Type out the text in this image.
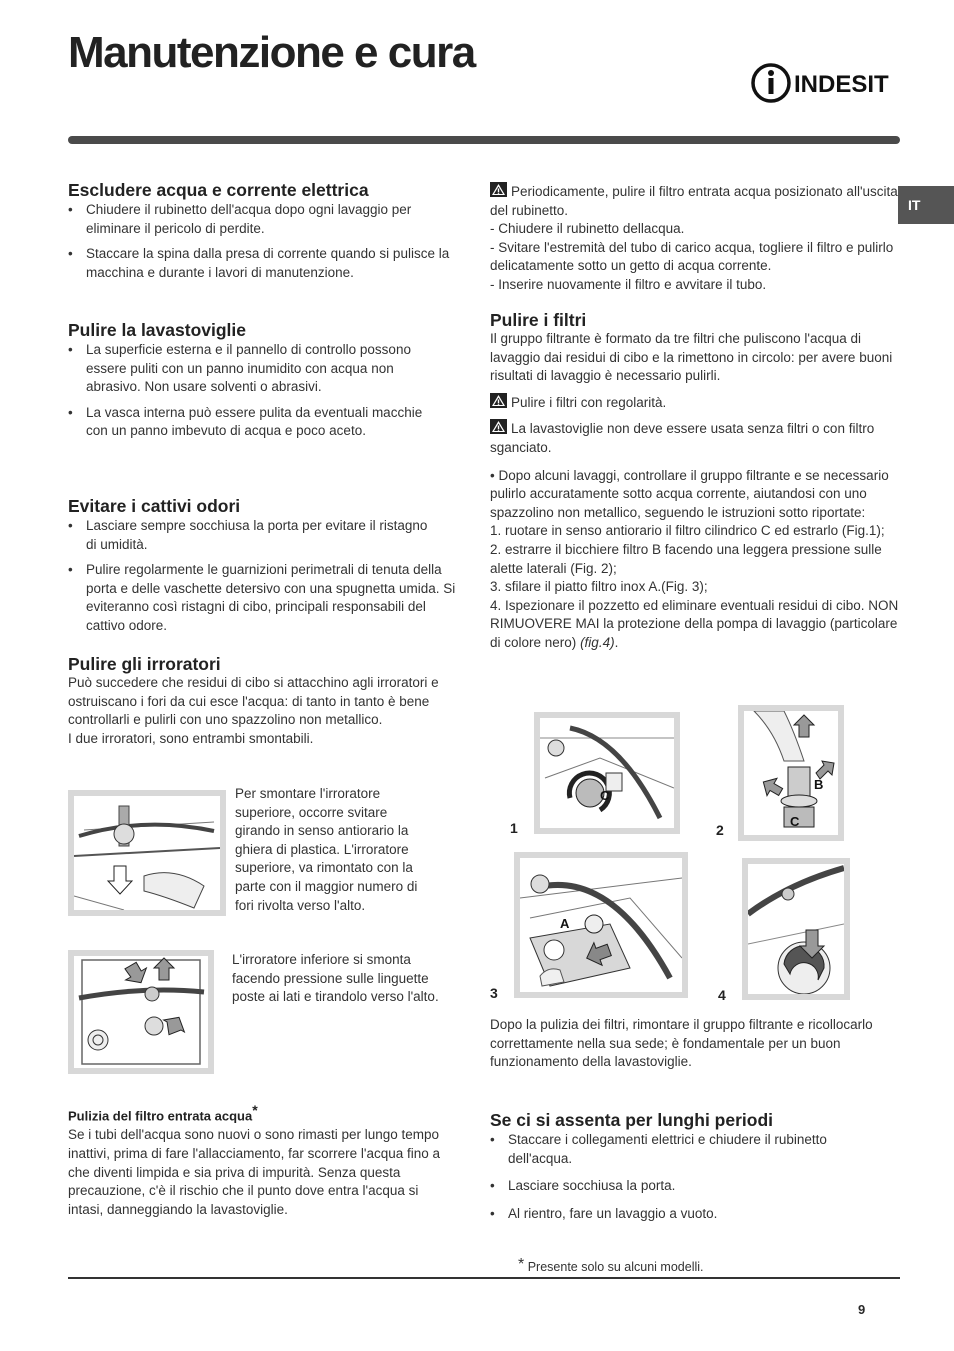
Manutenzione e cura
INDESIT
IT
Escludere acqua e corrente elettrica
• Chiudere il rubinetto dell'acqua dopo ogni lavaggio per eliminare il pericolo di perdite.
• Staccare la spina dalla presa di corrente quando si pulisce la macchina e durante i lavori di manutenzione.
Pulire la lavastoviglie
• La superficie esterna e il pannello di controllo possono essere puliti con un panno inumidito con acqua non abrasivo. Non usare solventi o abrasivi.
• La vasca interna può essere pulita da eventuali macchie con un panno imbevuto di acqua e poco aceto.
Evitare i cattivi odori
• Lasciare sempre socchiusa la porta per evitare il ristagno di umidità.
• Pulire regolarmente le guarnizioni perimetrali di tenuta della porta e delle vaschette detersivo con una spugnetta umida. Si eviteranno così ristagni di cibo, principali responsabili del cattivo odore.
Pulire gli irroratori

Può succedere che residui di cibo si attacchino agli irroratori e ostruiscano i fori da cui esce l'acqua: di tanto in tanto è bene controllarli e pulirli con uno spazzolino non metallico.

I due irroratori, sono entrambi smontabili.

Per smontare l'irroratore superiore, occorre svitare girando in senso antiorario la ghiera di plastica. L'irroratore superiore, va rimontato con la parte con il maggior numero di fori rivolta verso l'alto.
L'irroratore inferiore si smonta facendo pressione sulle linguette poste ai lati e tirandolo verso l'alto.
Pulizia del filtro entrata acqua*

Se i tubi dell'acqua sono nuovi o sono rimasti per lungo tempo inattivi, prima di fare l'allacciamento, far scorrere l'acqua fino a che diventi limpida e sia priva di impurità. Senza questa precauzione, c'è il rischio che il punto dove entra l'acqua si intasi, danneggiando la lavastoviglie.

Periodicamente, pulire il filtro entrata acqua posizionato all'uscita del rubinetto.

- Chiudere il rubinetto dellacqua.

- Svitare l'estremità del tubo di carico acqua, togliere il filtro e pulirlo delicatamente sotto un getto di acqua corrente.

- Inserire nuovamente il filtro e avvitare il tubo.

Pulire i filtri

Il gruppo filtrante è formato da tre filtri che puliscono l'acqua di lavaggio dai residui di cibo e la rimettono in circolo: per avere buoni risultati di lavaggio è necessario pulirli.

Pulire i filtri con regolarità.

La lavastoviglie non deve essere usata senza filtri o con filtro sganciato.

• Dopo alcuni lavaggi, controllare il gruppo filtrante e se necessario pulirlo accuratamente sotto acqua corrente, aiutandosi con uno spazzolino non metallico, seguendo le istruzioni sotto riportate:

1. ruotare in senso antiorario il filtro cilindrico C ed estrarlo (Fig.1);

2. estrarre il bicchiere filtro B facendo una leggera pressione sulle alette laterali (Fig. 2);

3. sfilare il piatto filtro inox A.(Fig. 3);

4. Ispezionare il pozzetto ed eliminare eventuali residui di cibo. NON RIMUOVERE MAI la protezione della pompa di lavaggio (particolare di colore nero) (fig.4).

C
1
B
C
2
A
3	4

Dopo la pulizia dei filtri, rimontare il gruppo filtrante e ricollocarlo correttamente nella sua sede; è fondamentale per un buon funzionamento della lavastoviglie.

Se ci si assenta per lunghi periodi
• Staccare i collegamenti elettrici e chiudere il rubinetto dell'acqua.
• Lasciare socchiusa la porta.
• Al rientro, fare un lavaggio a vuoto.
* Presente solo su alcuni modelli.
9
